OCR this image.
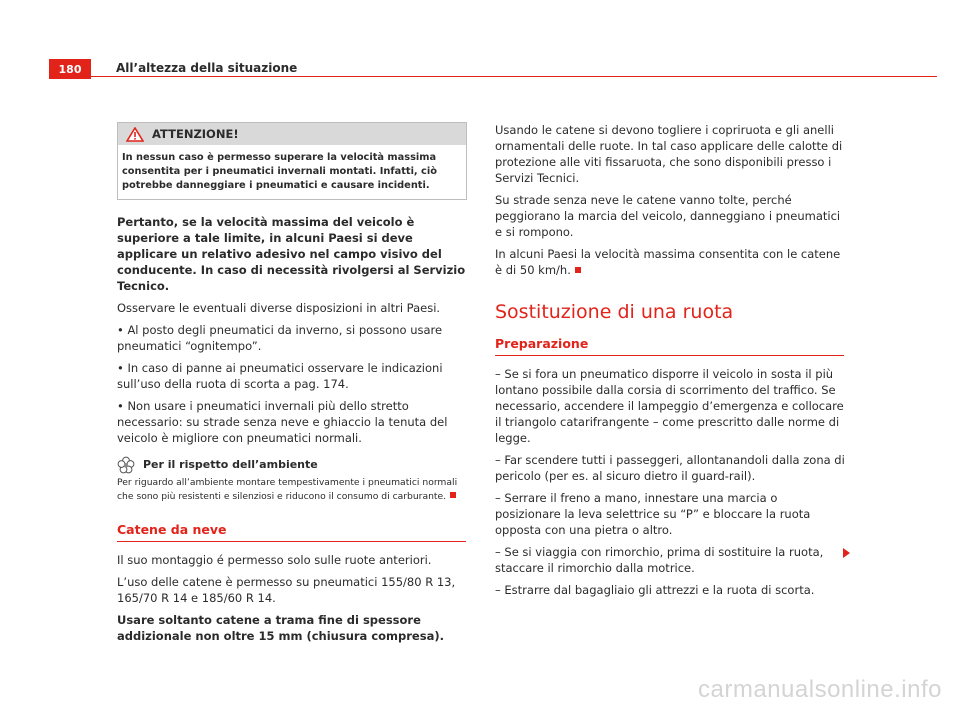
180	All’altezza della situazione
ATTENZIONE!
In nessun caso è permesso superare la velocità massima consentita per i pneumatici invernali montati. Infatti, ciò potrebbe danneggiare i pneumatici e causare incidenti.

Pertanto, se la velocità massima del veicolo è superiore a tale limite, in alcuni Paesi si deve applicare un relativo adesivo nel campo visivo del conducente. In caso di necessità rivolgersi al Servizio Tecnico.

Osservare le eventuali diverse disposizioni in altri Paesi.

• Al posto degli pneumatici da inverno, si possono usare pneumatici “ognitempo”.

• In caso di panne ai pneumatici osservare le indicazioni sull’uso della ruota di scorta a pag. 174.

• Non usare i pneumatici invernali più dello stretto necessario: su strade senza neve e ghiaccio la tenuta del veicolo è migliore con pneumatici normali.

Per il rispetto dell’ambiente
Per riguardo all’ambiente montare tempestivamente i pneumatici normali che sono più resistenti e silenziosi e riducono il consumo di carburante.
Catene da neve

Il suo montaggio é permesso solo sulle ruote anteriori.

L’uso delle catene è permesso su pneumatici 155/80 R 13, 165/70 R 14 e 185/60 R 14.

Usare soltanto catene a trama fine di spessore addizionale non oltre 15 mm (chiusura compresa).

Usando le catene si devono togliere i copriruota e gli anelli ornamentali delle ruote. In tal caso applicare delle calotte di protezione alle viti fissaruota, che sono disponibili presso i Servizi Tecnici.

Su strade senza neve le catene vanno tolte, perché peggiorano la marcia del veicolo, danneggiano i pneumatici e si rompono.

In alcuni Paesi la velocità massima consentita con le catene è di 50 km/h.

Sostituzione di una ruota
Preparazione

– Se si fora un pneumatico disporre il veicolo in sosta il più lontano possibile dalla corsia di scorrimento del traffico. Se necessario, accendere il lampeggio d’emergenza e collocare il triangolo catarifrangente – come prescritto dalle norme di legge.

– Far scendere tutti i passeggeri, allontanandoli dalla zona di pericolo (per es. al sicuro dietro il guard-rail).

– Serrare il freno a mano, innestare una marcia o posizionare la leva selettrice su “P” e bloccare la ruota opposta con una pietra o altro.

– Se si viaggia con rimorchio, prima di sostituire la ruota, staccare il rimorchio dalla motrice.

– Estrarre dal bagagliaio gli attrezzi e la ruota di scorta.

carmanualsonline.info
